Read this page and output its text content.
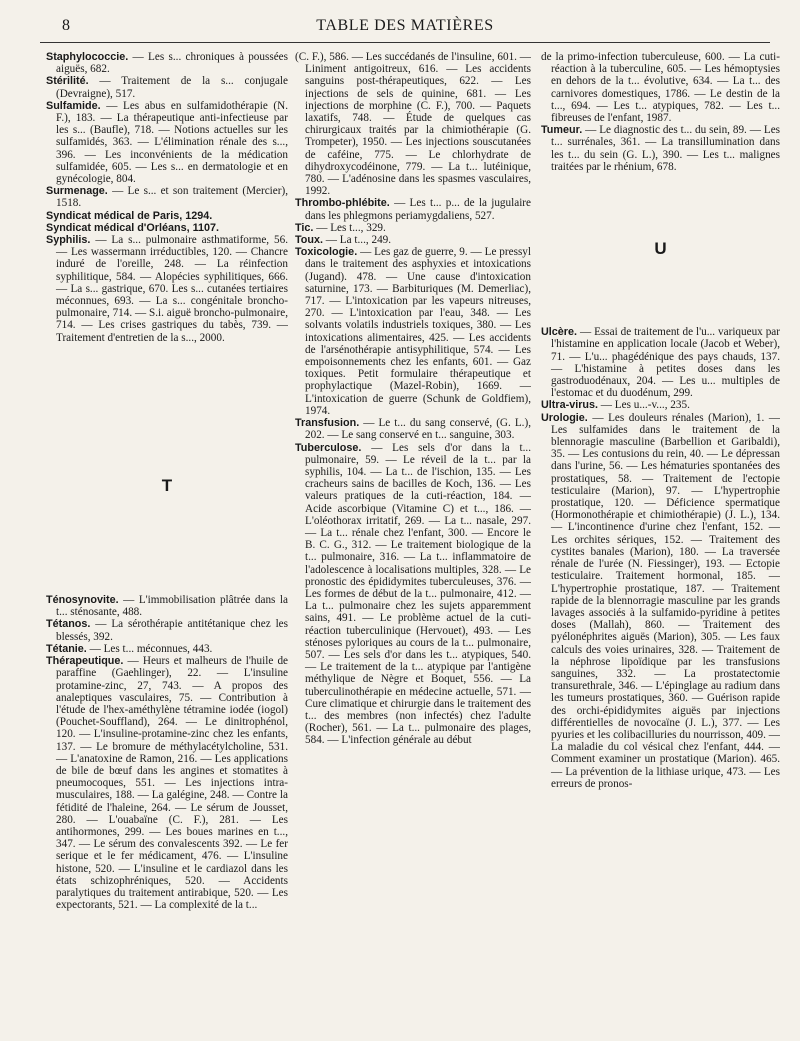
8	TABLE DES MATIÈRES

Staphylococcie. — Les s... chroniques à poussées aiguës, 682.

Stérilité. — Traitement de la s... conjugale (Devraigne), 517.

Sulfamide. — Les abus en sulfamidothérapie (N. F.), 183. — La thérapeutique anti-infectieuse par les s... (Baufle), 718. — Notions actuelles sur les sulfamidés, 363. — L'élimination rénale des s..., 396. — Les inconvénients de la médication sulfamidée, 605. — Les s... en dermatologie et en gynécologie, 804.

Surmenage. — Le s... et son traitement (Mercier), 1518.

Syndicat médical de Paris, 1294.

Syndicat médical d'Orléans, 1107.

Syphilis. — La s... pulmonaire asthmatiforme, 56. — Les wassermann irréductibles, 120. — Chancre induré de l'oreille, 248. — La réinfection syphilitique, 584. — Alopécies syphilitiques, 666. — La s... gastrique, 670. Les s... cutanées tertiaires méconnues, 693. — La s... congénitale broncho-pulmonaire, 714. — S.i. aiguë broncho-pulmonaire, 714. — Les crises gastriques du tabès, 739. — Traitement d'entretien de la s..., 2000.

T

Ténosynovite. — L'immobilisation plâtrée dans la t... sténosante, 488.

Tétanos. — La sérothérapie antitétanique chez les blessés, 392.

Tétanie. — Les t... méconnues, 443.

Thérapeutique. — Heurs et malheurs de l'huile de paraffine (Gaehlinger), 22. — L'insuline protamine-zinc, 27, 743. — A propos des analeptiques vasculaires, 75. — Contribution à l'étude de l'hex-améthylène tétramine iodée (iogol) (Pouchet-Souffland), 264. — Le dinitrophénol, 120. — L'insuline-protamine-zinc chez les enfants, 137. — Le bromure de méthylacétylcholine, 531. — L'anatoxine de Ramon, 216. — Les applications de bile de bœuf dans les angines et stomatites à pneumocoques, 551. — Les injections intra-musculaires, 188. — La galégine, 248. — Contre la fétidité de l'haleine, 264. — Le sérum de Jousset, 280. — L'ouabaïne (C. F.), 281. — Les antihormones, 299. — Les boues marines en t..., 347. — Le sérum des convalescents 392. — Le fer serique et le fer médicament, 476. — L'insuline histone, 520. — L'insuline et le cardiazol dans les états schizophréniques, 520. — Accidents paralytiques du traitement antirabique, 520. — Les expectorants, 521. — La complexité de la t...

(C. F.), 586. — Les succédanés de l'insuline, 601. — Liniment antigoitreux, 616. — Les accidents sanguins post-thérapeutiques, 622. — Les injections de sels de quinine, 681. — Les injections de morphine (C. F.), 700. — Paquets laxatifs, 748. — Étude de quelques cas chirurgicaux traités par la chimiothérapie (G. Trompeter), 1950. — Les injections souscutanées de caféine, 775. — Le chlorhydrate de dihydroxycodéinone, 779. — La t... lutéinique, 780. — L'adénosine dans les spasmes vasculaires, 1992.

Thrombo-phlébite. — Les t... p... de la jugulaire dans les phlegmons periamygdaliens, 527.

Tic. — Les t..., 329.

Toux. — La t..., 249.

Toxicologie. — Les gaz de guerre, 9. — Le pressyl dans le traitement des asphyxies et intoxications (Jugand). 478. — Une cause d'intoxication saturnine, 173. — Barbituriques (M. Demerliac), 717. — L'intoxication par les vapeurs nitreuses, 270. — L'intoxication par l'eau, 348. — Les solvants volatils industriels toxiques, 380. — Les intoxications alimentaires, 425. — Les accidents de l'arsénothérapie antisyphilitique, 574. — Les empoisonnements chez les enfants, 601. — Gaz toxiques. Petit formulaire thérapeutique et prophylactique (Mazel-Robin), 1669. — L'intoxication de guerre (Schunk de Goldfiem), 1974.

Transfusion. — Le t... du sang conservé, (G. L.), 202. — Le sang conservé en t... sanguine, 303.

Tuberculose. — Les sels d'or dans la t... pulmonaire, 59. — Le réveil de la t... par la syphilis, 104. — La t... de l'ischion, 135. — Les cracheurs sains de bacilles de Koch, 136. — Les valeurs pratiques de la cuti-réaction, 184. — Acide ascorbique (Vitamine C) et t..., 186. — L'oléothorax irritatif, 269. — La t... nasale, 297. — La t... rénale chez l'enfant, 300. — Encore le B. C. G., 312. — Le traitement biologique de la t... pulmonaire, 316. — La t... inflammatoire de l'adolescence à localisations multiples, 328. — Le pronostic des épididymites tuberculeuses, 376. — Les formes de début de la t... pulmonaire, 412. — La t... pulmonaire chez les sujets apparemment sains, 491. — Le problème actuel de la cuti-réaction tuberculinique (Hervouet), 493. — Les sténoses pyloriques au cours de la t... pulmonaire, 507. — Les sels d'or dans les t... atypiques, 540. — Le traitement de la t... atypique par l'antigène méthylique de Nègre et Boquet, 556. — La tuberculinothérapie en médecine actuelle, 571. — Cure climatique et chirurgie dans le traitement des t... des membres (non infectés) chez l'adulte (Rocher), 561. — La t... pulmonaire des plages, 584. — L'infection générale au début

de la primo-infection tuberculeuse, 600. — La cuti-réaction à la tuberculine, 605. — Les hémoptysies en dehors de la t... évolutive, 634. — La t... des carnivores domestiques, 1786. — Le destin de la t..., 694. — Les t... atypiques, 782. — Les t... fibreuses de l'enfant, 1987.

Tumeur. — Le diagnostic des t... du sein, 89. — Les t... surrénales, 361. — La transillumination dans les t... du sein (G. L.), 390. — Les t... malignes traitées par le rhénium, 678.

U

Ulcère. — Essai de traitement de l'u... variqueux par l'histamine en application locale (Jacob et Weber), 71. — L'u... phagédénique des pays chauds, 137. — L'histamine à petites doses dans les gastroduodénaux, 204. — Les u... multiples de l'estomac et du duodénum, 299.

Ultra-virus. — Les u...-v..., 235.

Urologie. — Les douleurs rénales (Marion), 1. — Les sulfamides dans le traitement de la blennoragie masculine (Barbellion et Garibaldi), 35. — Les contusions du rein, 40. — Le dépressan dans l'urine, 56. — Les hématuries spontanées des prostatiques, 58. — Traitement de l'ectopie testiculaire (Marion), 97. — L'hypertrophie prostatique, 120. — Déficience spermatique (Hormonothérapie et chimiothérapie) (J. L.), 134. — L'incontinence d'urine chez l'enfant, 152. — Les orchites sériques, 152. — Traitement des cystites banales (Marion), 180. — La traversée rénale de l'urée (N. Fiessinger), 193. — Ectopie testiculaire. Traitement hormonal, 185. — L'hypertrophie prostatique, 187. — Traitement rapide de la blennorragie masculine par les grands lavages associés à la sulfamido-pyridine à petites doses (Mallah), 860. — Traitement des pyélonéphrites aiguës (Marion), 305. — Les faux calculs des voies urinaires, 328. — Traitement de la néphrose lipoïdique par les transfusions sanguines, 332. — La prostatectomie transurethrale, 346. — L'épinglage au radium dans les tumeurs prostatiques, 360. — Guérison rapide des orchi-épididymites aiguës par injections différentielles de novocaïne (J. L.), 377. — Les pyuries et les colibacilluries du nourrisson, 409. — La maladie du col vésical chez l'enfant, 444. — Comment examiner un prostatique (Marion). 465. — La prévention de la lithiase urique, 473. — Les erreurs de pronos-
